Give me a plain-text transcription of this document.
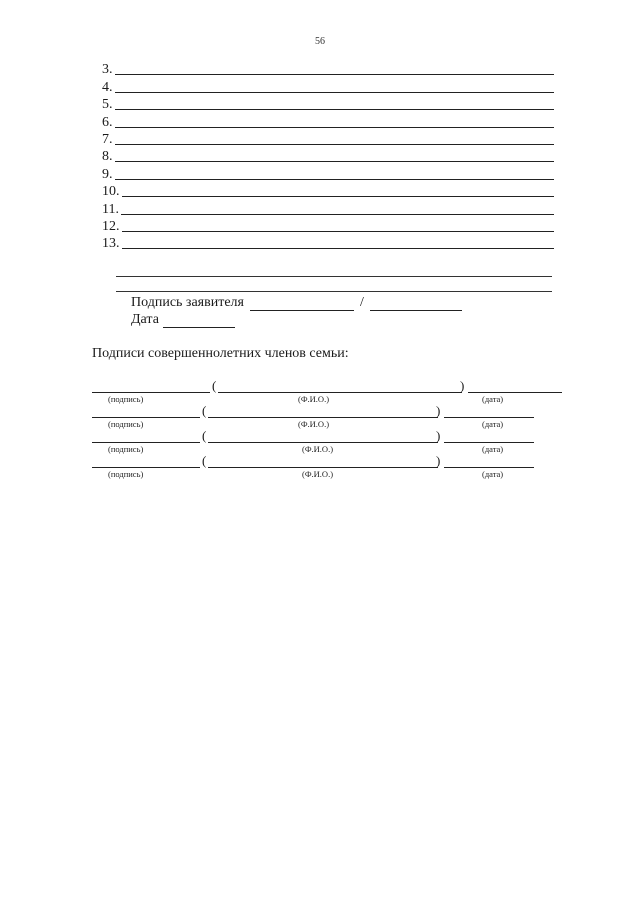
56
3.
4.
5.
6.
7.
8.
9.
10.
11.
12.
13.
Подпись заявителя	/
Дата
Подписи совершеннолетних членов семьи:
(	)
(подпись)	(Ф.И.О.)	(дата)
(	)
(подпись)	(Ф.И.О.)	(дата)
(	)
(подпись)	(Ф.И.О.)	(дата)
(	)
(подпись)	(Ф.И.О.)	(дата)
